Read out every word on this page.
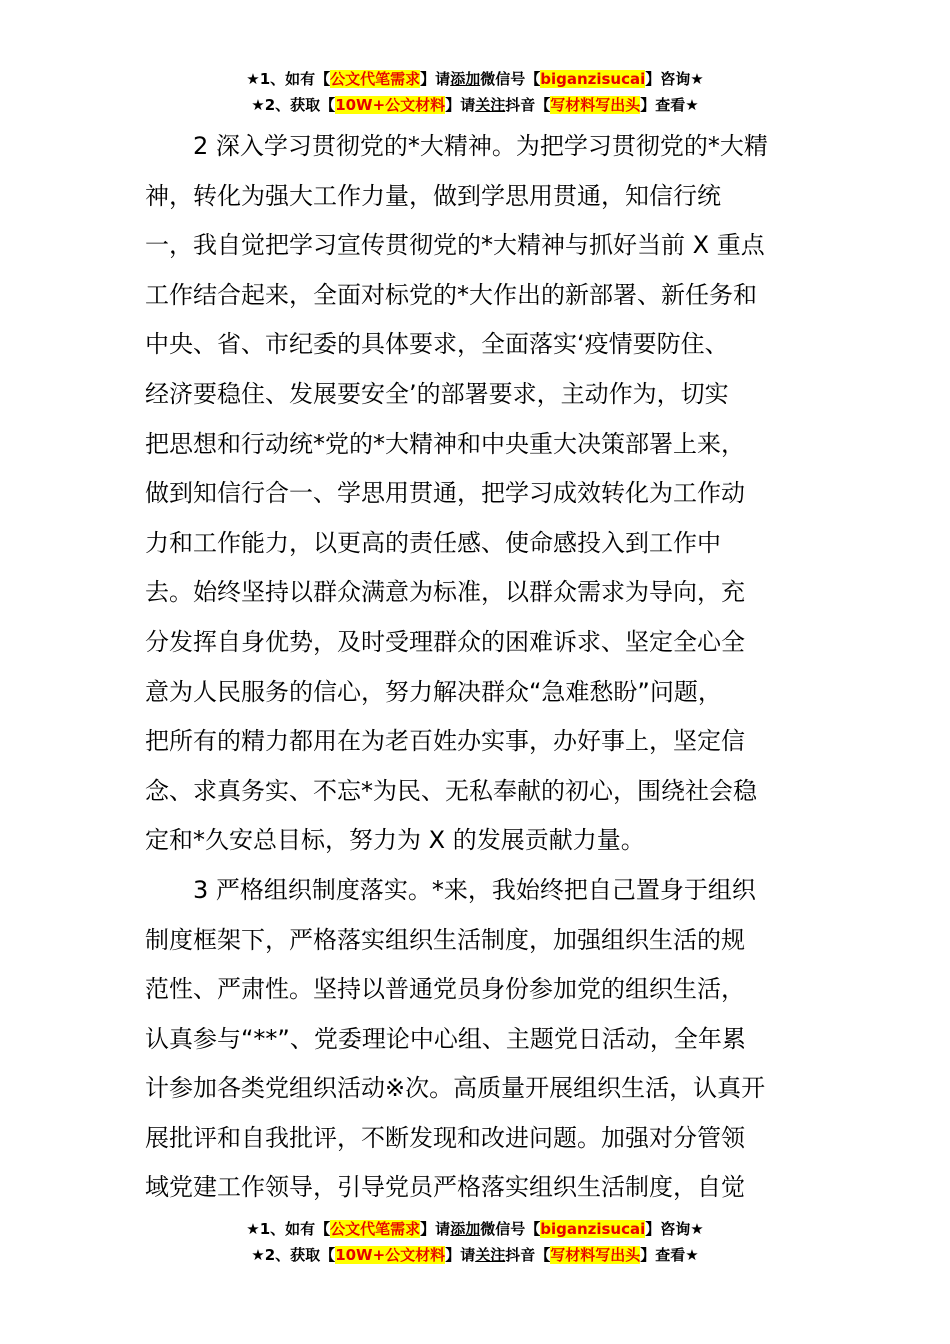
★1、如有【公文代笔需求】请添加微信号【biganzisucai】咨询★
★2、获取【10W+公文材料】请关注抖音【写材料写出头】查看★

2 深入学习贯彻党的*大精神。为把学习贯彻党的*大精

神，转化为强大工作力量，做到学思用贯通，知信行统

一，我自觉把学习宣传贯彻党的*大精神与抓好当前 X 重点

工作结合起来，全面对标党的*大作出的新部署、新任务和

中央、省、市纪委的具体要求，全面落实‘疫情要防住、

经济要稳住、发展要安全’的部署要求，主动作为，切实

把思想和行动统*党的*大精神和中央重大决策部署上来，

做到知信行合一、学思用贯通，把学习成效转化为工作动

力和工作能力，以更高的责任感、使命感投入到工作中

去。始终坚持以群众满意为标准，以群众需求为导向，充

分发挥自身优势，及时受理群众的困难诉求、坚定全心全

意为人民服务的信心，努力解决群众“急难愁盼”问题，

把所有的精力都用在为老百姓办实事，办好事上，坚定信

念、求真务实、不忘*为民、无私奉献的初心，围绕社会稳

定和*久安总目标，努力为 X 的发展贡献力量。

3 严格组织制度落实。*来，我始终把自己置身于组织

制度框架下，严格落实组织生活制度，加强组织生活的规

范性、严肃性。坚持以普通党员身份参加党的组织生活，

认真参与“**”、党委理论中心组、主题党日活动，全年累

计参加各类党组织活动※次。高质量开展组织生活，认真开

展批评和自我批评，不断发现和改进问题。加强对分管领

域党建工作领导，引导党员严格落实组织生活制度，自觉

★1、如有【公文代笔需求】请添加微信号【biganzisucai】咨询★
★2、获取【10W+公文材料】请关注抖音【写材料写出头】查看★
